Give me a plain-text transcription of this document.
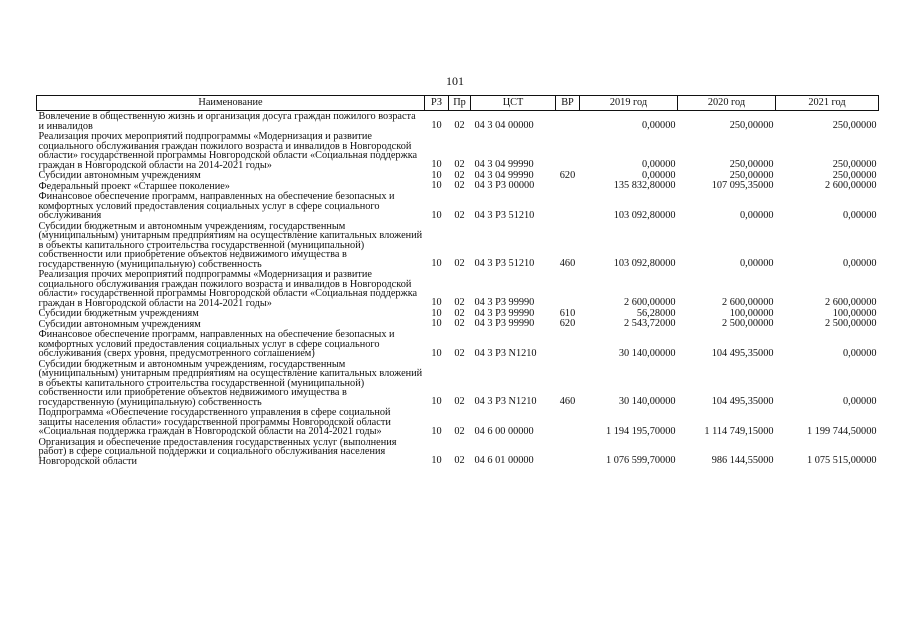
101
Наименование	РЗ	Пр	ЦСТ	ВР	2019 год	2020 год	2021 год
Вовлечение в общественную жизнь и организация досуга граждан пожилого возраста и инвалидов	10	02	04 3 04 00000		0,00000	250,00000	250,00000
Реализация прочих мероприятий подпрограммы «Модернизация и развитие социального обслуживания граждан пожилого возраста и инвалидов в Новгородской области» государственной программы Новгородской области «Социальная поддержка граждан в Новгородской области на 2014-2021 годы»	10	02	04 3 04 99990		0,00000	250,00000	250,00000
Субсидии автономным учреждениям	10	02	04 3 04 99990	620	0,00000	250,00000	250,00000
Федеральный проект «Старшее поколение»	10	02	04 3 Р3 00000		135 832,80000	107 095,35000	2 600,00000
Финансовое обеспечение программ, направленных на обеспечение безопасных и комфортных условий предоставления социальных услуг в сфере социального обслуживания	10	02	04 3 Р3 51210		103 092,80000	0,00000	0,00000
Субсидии бюджетным и автономным учреждениям, государственным (муниципальным) унитарным предприятиям на осуществление капитальных вложений в объекты капитального строительства государственной (муниципальной) собственности или приобретение объектов недвижимого имущества в государственную (муниципальную) собственность	10	02	04 3 Р3 51210	460	103 092,80000	0,00000	0,00000
Реализация прочих мероприятий подпрограммы «Модернизация и развитие социального обслуживания граждан пожилого возраста и инвалидов в Новгородской области» государственной программы Новгородской области «Социальная поддержка граждан в Новгородской области на 2014-2021 годы»	10	02	04 3 Р3 99990		2 600,00000	2 600,00000	2 600,00000
Субсидии бюджетным учреждениям	10	02	04 3 Р3 99990	610	56,28000	100,00000	100,00000
Субсидии автономным учреждениям	10	02	04 3 Р3 99990	620	2 543,72000	2 500,00000	2 500,00000
Финансовое обеспечение программ, направленных на обеспечение безопасных и комфортных условий предоставления социальных услуг в сфере социального обслуживания (сверх уровня, предусмотренного соглашением)	10	02	04 3 Р3 N1210		30 140,00000	104 495,35000	0,00000
Субсидии бюджетным и автономным учреждениям, государственным (муниципальным) унитарным предприятиям на осуществление капитальных вложений в объекты капитального строительства государственной (муниципальной) собственности или приобретение объектов недвижимого имущества в государственную (муниципальную) собственность	10	02	04 3 Р3 N1210	460	30 140,00000	104 495,35000	0,00000
Подпрограмма «Обеспечение государственного управления в сфере социальной защиты населения области» государственной программы Новгородской области «Социальная поддержка граждан в Новгородской области на 2014-2021 годы»	10	02	04 6 00 00000		1 194 195,70000	1 114 749,15000	1 199 744,50000
Организация и обеспечение предоставления государственных услуг (выполнения работ) в сфере социальной поддержки и социального обслуживания населения Новгородской области	10	02	04 6 01 00000		1 076 599,70000	986 144,55000	1 075 515,00000
